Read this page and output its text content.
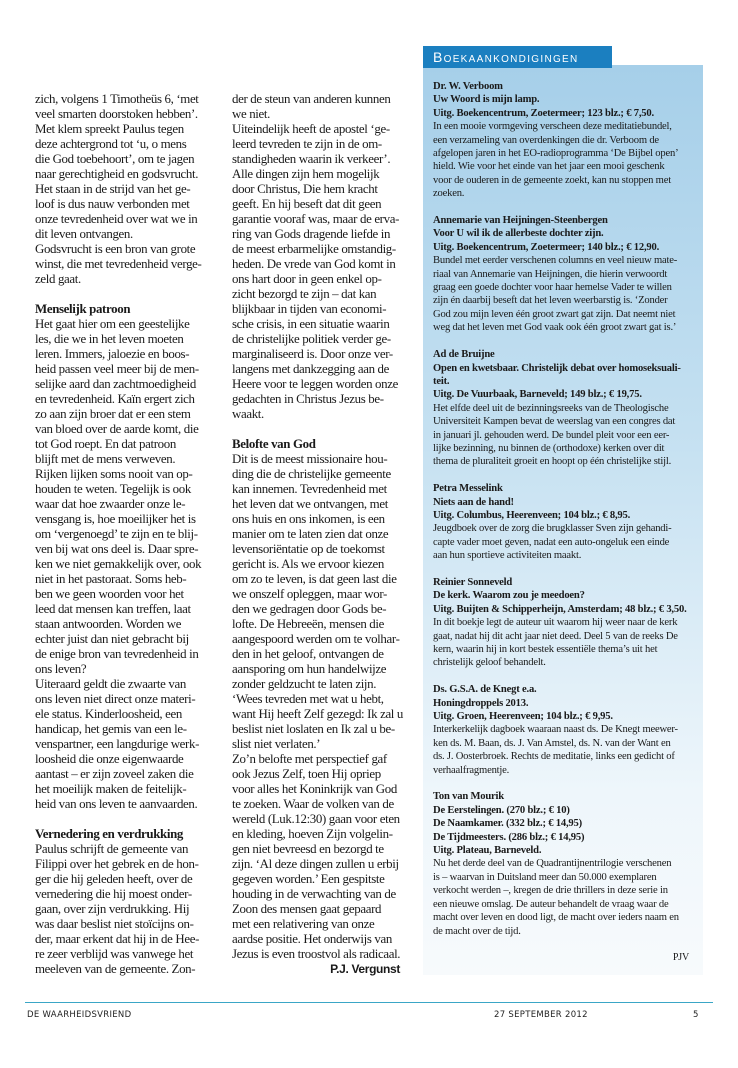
zich, volgens 1 Timotheüs 6, ‘met
veel smarten doorstoken hebben’.
Met klem spreekt Paulus tegen
deze achtergrond tot ‘u, o mens
die God toebehoort’, om te jagen
naar gerechtigheid en godsvrucht.
Het staan in de strijd van het ge-
loof is dus nauw verbonden met
onze tevredenheid over wat we in
dit leven ontvangen.
Godsvrucht is een bron van grote
winst, die met tevredenheid verge-
zeld gaat.
Menselijk patroon
Het gaat hier om een geestelijke
les, die we in het leven moeten
leren. Immers, jaloezie en boos-
heid passen veel meer bij de men-
selijke aard dan zachtmoedigheid
en tevredenheid. Kaïn ergert zich
zo aan zijn broer dat er een stem
van bloed over de aarde komt, die
tot God roept. En dat patroon
blijft met de mens verweven.
Rijken lijken soms nooit van op-
houden te weten. Tegelijk is ook
waar dat hoe zwaarder onze le-
vensgang is, hoe moeilijker het is
om ‘vergenoegd’ te zijn en te blij-
ven bij wat ons deel is. Daar spre-
ken we niet gemakkelijk over, ook
niet in het pastoraat. Soms heb-
ben we geen woorden voor het
leed dat mensen kan treffen, laat
staan antwoorden. Worden we
echter juist dan niet gebracht bij
de enige bron van tevredenheid in
ons leven?
Uiteraard geldt die zwaarte van
ons leven niet direct onze materi-
ele status. Kinderloosheid, een
handicap, het gemis van een le-
venspartner, een langdurige werk-
loosheid die onze eigenwaarde
aantast – er zijn zoveel zaken die
het moeilijk maken de feitelijk-
heid van ons leven te aanvaarden.
Vernedering en verdrukking
Paulus schrijft de gemeente van
Filippi over het gebrek en de hon-
ger die hij geleden heeft, over de
vernedering die hij moest onder-
gaan, over zijn verdrukking. Hij
was daar beslist niet stoïcijns on-
der, maar erkent dat hij in de Hee-
re zeer verblijd was vanwege het
meeleven van de gemeente. Zon-
der de steun van anderen kunnen
we niet.
Uiteindelijk heeft de apostel ‘ge-
leerd tevreden te zijn in de om-
standigheden waarin ik verkeer’.
Alle dingen zijn hem mogelijk
door Christus, Die hem kracht
geeft. En hij beseft dat dit geen
garantie vooraf was, maar de erva-
ring van Gods dragende liefde in
de meest erbarmelijke omstandig-
heden. De vrede van God komt in
ons hart door in geen enkel op-
zicht bezorgd te zijn – dat kan
blijkbaar in tijden van economi-
sche crisis, in een situatie waarin
de christelijke politiek verder ge-
marginaliseerd is. Door onze ver-
langens met dankzegging aan de
Heere voor te leggen worden onze
gedachten in Christus Jezus be-
waakt.
Belofte van God
Dit is de meest missionaire hou-
ding die de christelijke gemeente
kan innemen. Tevredenheid met
het leven dat we ontvangen, met
ons huis en ons inkomen, is een
manier om te laten zien dat onze
levensoriëntatie op de toekomst
gericht is. Als we ervoor kiezen
om zo te leven, is dat geen last die
we onszelf opleggen, maar wor-
den we gedragen door Gods be-
lofte. De Hebreeën, mensen die
aangespoord werden om te volhar-
den in het geloof, ontvangen de
aansporing om hun handelwijze
zonder geldzucht te laten zijn.
‘Wees tevreden met wat u hebt,
want Hij heeft Zelf gezegd: Ik zal u
beslist niet loslaten en Ik zal u be-
slist niet verlaten.’
Zo’n belofte met perspectief gaf
ook Jezus Zelf, toen Hij opriep
voor alles het Koninkrijk van God
te zoeken. Waar de volken van de
wereld (Luk.12:30) gaan voor eten
en kleding, hoeven Zijn volgelin-
gen niet bevreesd en bezorgd te
zijn. ‘Al deze dingen zullen u erbij
gegeven worden.’ Een gespitste
houding in de verwachting van de
Zoon des mensen gaat gepaard
met een relativering van onze
aardse positie. Het onderwijs van
Jezus is even troostvol als radicaal.
P.J. Vergunst
Boekaankondigingen
Dr. W. Verboom
Uw Woord is mijn lamp.
Uitg. Boekencentrum, Zoetermeer; 123 blz.; € 7,50.
In een mooie vormgeving verscheen deze meditatiebundel,
een verzameling van overdenkingen die dr. Verboom de
afgelopen jaren in het EO-radioprogramma ‘De Bijbel open’
hield. Wie voor het einde van het jaar een mooi geschenk
voor de ouderen in de gemeente zoekt, kan nu stoppen met
zoeken.
Annemarie van Heijningen-Steenbergen
Voor U wil ik de allerbeste dochter zijn.
Uitg. Boekencentrum, Zoetermeer; 140 blz.; € 12,90.
Bundel met eerder verschenen columns en veel nieuw mate-
riaal van Annemarie van Heijningen, die hierin verwoordt
graag een goede dochter voor haar hemelse Vader te willen
zijn én daarbij beseft dat het leven weerbarstig is. ‘Zonder
God zou mijn leven één groot zwart gat zijn. Dat neemt niet
weg dat het leven met God vaak ook één groot zwart gat is.’
Ad de Bruijne
Open en kwetsbaar. Christelijk debat over homoseksuali-
teit.
Uitg. De Vuurbaak, Barneveld; 149 blz.; € 19,75.
Het elfde deel uit de bezinningsreeks van de Theologische
Universiteit Kampen bevat de weerslag van een congres dat
in januari jl. gehouden werd. De bundel pleit voor een eer-
lijke bezinning, nu binnen de (orthodoxe) kerken over dit
thema de pluraliteit groeit en hoopt op één christelijke stijl.
Petra Messelink
Niets aan de hand!
Uitg. Columbus, Heerenveen; 104 blz.; € 8,95.
Jeugdboek over de zorg die brugklasser Sven zijn gehandi-
capte vader moet geven, nadat een auto-ongeluk een einde
aan hun sportieve activiteiten maakt.
Reinier Sonneveld
De kerk. Waarom zou je meedoen?
Uitg. Buijten & Schipperheijn, Amsterdam; 48 blz.; € 3,50.
In dit boekje legt de auteur uit waarom hij weer naar de kerk
gaat, nadat hij dit acht jaar niet deed. Deel 5 van de reeks De
kern, waarin hij in kort bestek essentiële thema’s uit het
christelijk geloof behandelt.
Ds. G.S.A. de Knegt e.a.
Honingdroppels 2013.
Uitg. Groen, Heerenveen; 104 blz.; € 9,95.
Interkerkelijk dagboek waaraan naast ds. De Knegt meewer-
ken ds. M. Baan, ds. J. Van Amstel, ds. N. van der Want en
ds. J. Oosterbroek. Rechts de meditatie, links een gedicht of
verhaalfragmentje.
Ton van Mourik
De Eerstelingen. (270 blz.; € 10)
De Naamkamer. (332 blz.; € 14,95)
De Tijdmeesters. (286 blz.; € 14,95)
Uitg. Plateau, Barneveld.
Nu het derde deel van de Quadrantijnentrilogie verschenen
is – waarvan in Duitsland meer dan 50.000 exemplaren
verkocht werden –, kregen de drie thrillers in deze serie in
een nieuwe omslag. De auteur behandelt de vraag waar de
macht over leven en dood ligt, de macht over ieders naam en
de macht over de tijd.
PJV
DE WAARHEIDSVRIEND	27 SEPTEMBER 2012	5
